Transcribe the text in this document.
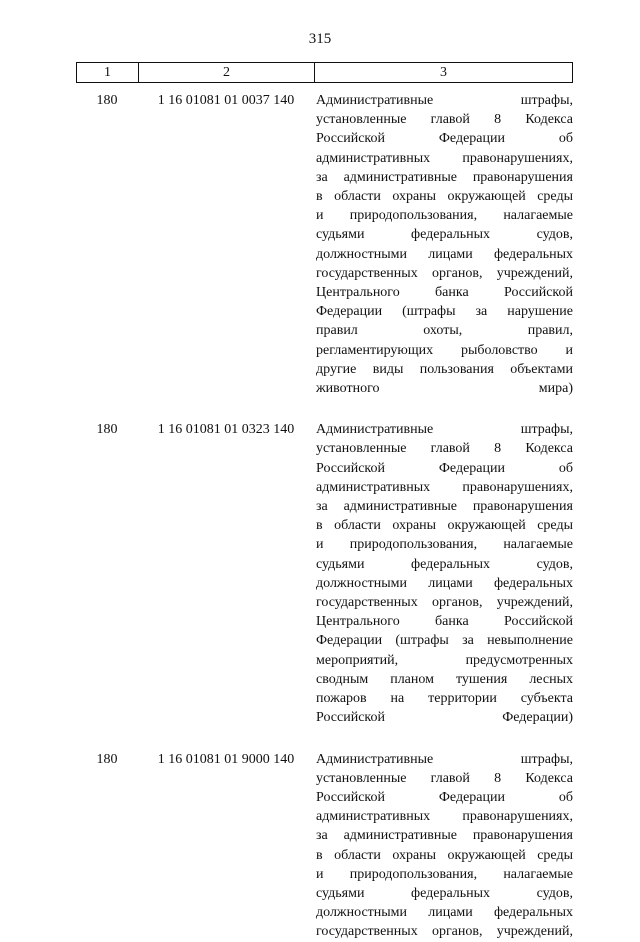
315
1	2	3
180	1 16 01081 01 0037 140	Административные	штрафы,
установленные главой 8 Кодекса
Российской	Федерации	об
административных правонарушениях,
за административные правонарушения
в области охраны окружающей среды
и природопользования, налагаемые
судьями	федеральных	судов,
должностными лицами федеральных
государственных органов, учреждений,
Центрального	банка	Российской
Федерации (штрафы за нарушение
правил	охоты,	правил,
регламентирующих рыболовство и
другие виды пользования объектами
животного мира)
180	1 16 01081 01 0323 140	Административные	штрафы,
установленные главой 8 Кодекса
Российской	Федерации	об
административных правонарушениях,
за административные правонарушения
в области охраны окружающей среды
и природопользования, налагаемые
судьями	федеральных	судов,
должностными лицами федеральных
государственных органов, учреждений,
Центрального	банка	Российской
Федерации (штрафы за невыполнение
мероприятий,	предусмотренных
сводным планом тушения лесных
пожаров на территории субъекта
Российской Федерации)
180	1 16 01081 01 9000 140	Административные	штрафы,
установленные главой 8 Кодекса
Российской	Федерации	об
административных правонарушениях,
за административные правонарушения
в области охраны окружающей среды
и природопользования, налагаемые
судьями	федеральных	судов,
должностными лицами федеральных
государственных органов, учреждений,
